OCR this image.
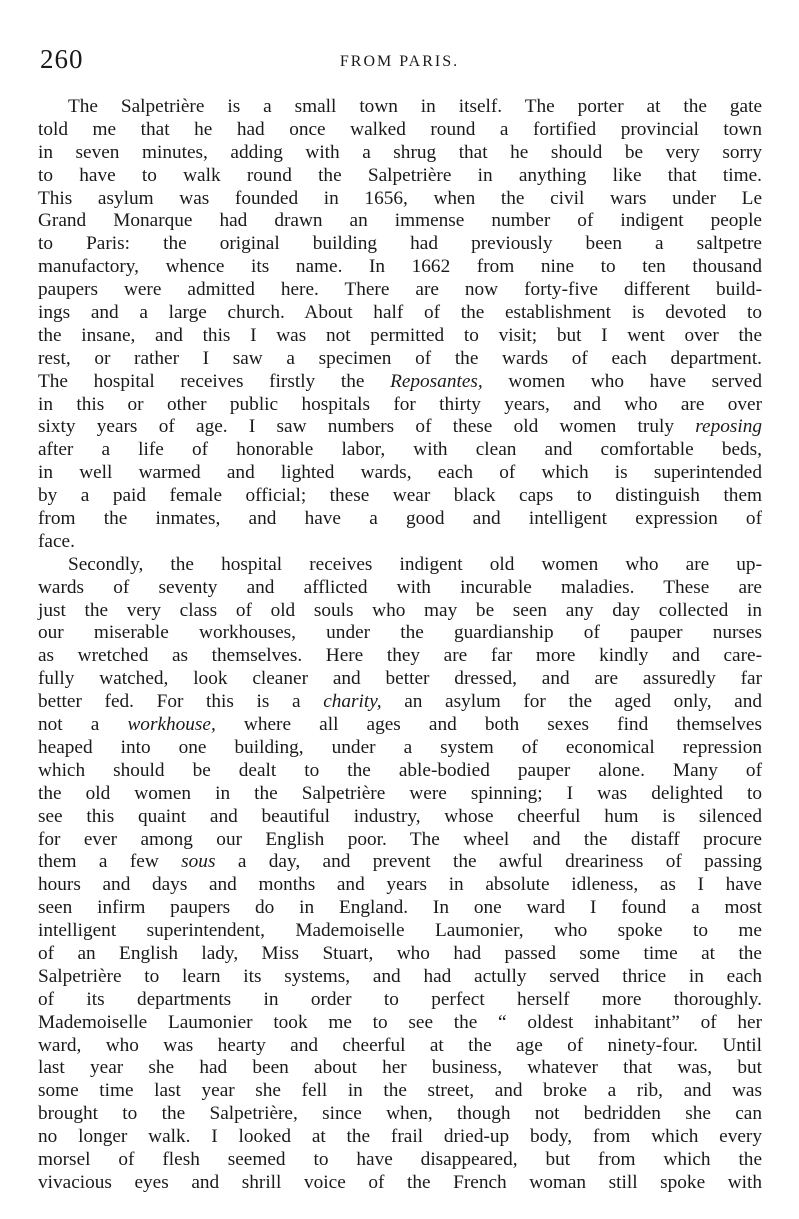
260	FROM PARIS.
The Salpetrière is a small town in itself. The porter at the gate
told me that he had once walked round a fortified provincial town
in seven minutes, adding with a shrug that he should be very sorry
to have to walk round the Salpetrière in anything like that time.
This asylum was founded in 1656, when the civil wars under Le
Grand Monarque had drawn an immense number of indigent people
to Paris: the original building had previously been a saltpetre
manufactory, whence its name. In 1662 from nine to ten thousand
paupers were admitted here. There are now forty-five different build-
ings and a large church. About half of the establishment is devoted to
the insane, and this I was not permitted to visit; but I went over the
rest, or rather I saw a specimen of the wards of each department.
The hospital receives firstly the Reposantes, women who have served
in this or other public hospitals for thirty years, and who are over
sixty years of age. I saw numbers of these old women truly reposing
after a life of honorable labor, with clean and comfortable beds,
in well warmed and lighted wards, each of which is superintended
by a paid female official; these wear black caps to distinguish them
from the inmates, and have a good and intelligent expression of
face.
Secondly, the hospital receives indigent old women who are up-
wards of seventy and afflicted with incurable maladies. These are
just the very class of old souls who may be seen any day collected in
our miserable workhouses, under the guardianship of pauper nurses
as wretched as themselves. Here they are far more kindly and care-
fully watched, look cleaner and better dressed, and are assuredly far
better fed. For this is a charity, an asylum for the aged only, and
not a workhouse, where all ages and both sexes find themselves
heaped into one building, under a system of economical repression
which should be dealt to the able-bodied pauper alone. Many of
the old women in the Salpetrière were spinning; I was delighted to
see this quaint and beautiful industry, whose cheerful hum is silenced
for ever among our English poor. The wheel and the distaff procure
them a few sous a day, and prevent the awful dreariness of passing
hours and days and months and years in absolute idleness, as I have
seen infirm paupers do in England. In one ward I found a most
intelligent superintendent, Mademoiselle Laumonier, who spoke to me
of an English lady, Miss Stuart, who had passed some time at the
Salpetrière to learn its systems, and had actully served thrice in each
of its departments in order to perfect herself more thoroughly.
Mademoiselle Laumonier took me to see the “ oldest inhabitant” of her
ward, who was hearty and cheerful at the age of ninety-four. Until
last year she had been about her business, whatever that was, but
some time last year she fell in the street, and broke a rib, and was
brought to the Salpetrière, since when, though not bedridden she can
no longer walk. I looked at the frail dried-up body, from which every
morsel of flesh seemed to have disappeared, but from which the
vivacious eyes and shrill voice of the French woman still spoke with
